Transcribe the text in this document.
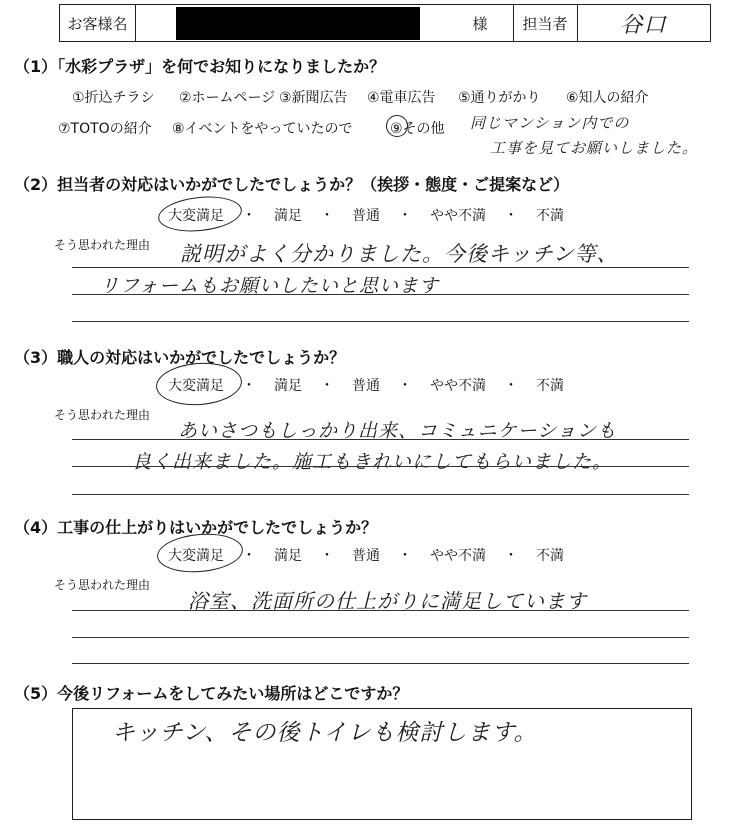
お客様名	様	担当者	谷口
（1）「水彩プラザ」を何でお知りになりましたか？
①折込チラシ ②ホームページ ③新聞広告 ④電車広告 ⑤通りがかり ⑥知人の紹介
⑦TOTOの紹介 ⑧イベントをやっていたので	⑨その他 同じマンション内での
工事を見てお願いしました。
（2）担当者の対応はいかがでしたでしょうか？（挨拶・態度・ご提案など）
大変満足 ・ 満足 ・ 普通 ・ やや不満 ・ 不満
そう思われた理由 説明がよく分かりました。今後キッチン等、
リフォームもお願いしたいと思います
（3）職人の対応はいかがでしたでしょうか？
大変満足 ・ 満足 ・ 普通 ・ やや不満 ・ 不満
そう思われた理由
あいさつもしっかり出来、コミュニケーションも
良く出来ました。施工もきれいにしてもらいました。
（4）工事の仕上がりはいかがでしたでしょうか？
大変満足 ・ 満足 ・ 普通 ・ やや不満 ・ 不満
そう思われた理由
浴室、洗面所の仕上がりに満足しています
（5）今後リフォームをしてみたい場所はどこですか？
キッチン、その後トイレも検討します。
